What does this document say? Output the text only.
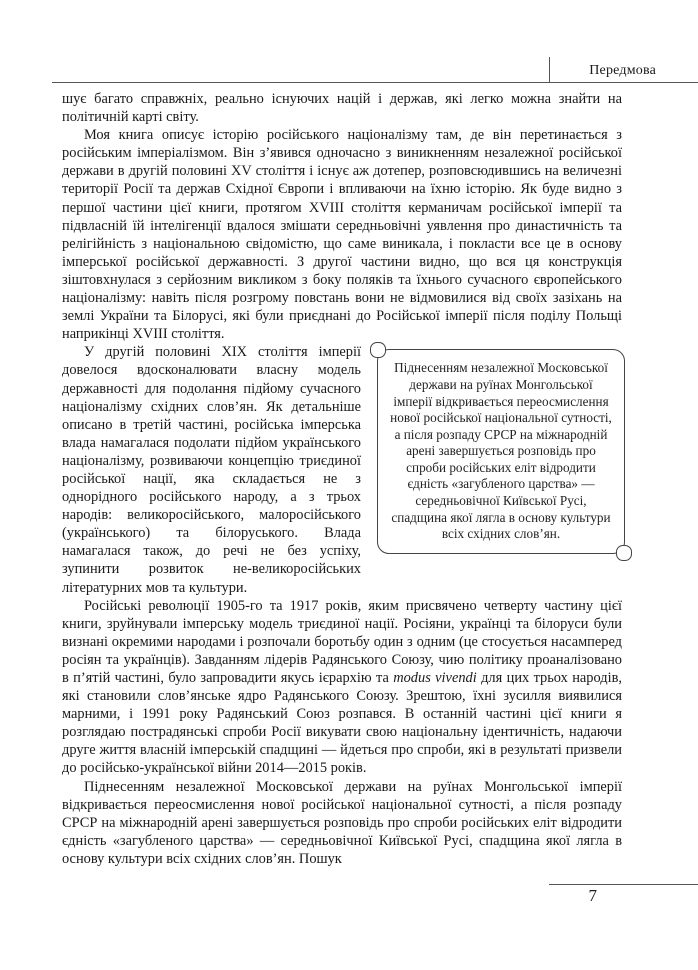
Передмова

шує багато справжніх, реально існуючих націй і держав, які легко можна знайти на політичній карті світу.

Моя книга описує історію російського націоналізму там, де він перетинається з російським імперіалізмом. Він з’явився одночасно з виникненням незалежної російської держави в другій половині XV століття і існує аж дотепер, розповсюдившись на величезні території Росії та держав Східної Європи і впливаючи на їхню історію. Як буде видно з першої частини цієї книги, протягом XVIII століття керманичам російської імперії та підвласній їй інтелігенції вдалося змішати середньовічні уявлення про династичність та релігійність з національною свідомістю, що саме виникала, і покласти все це в основу імперської російської державності. З другої частини видно, що вся ця конструкція зіштовхнулася з серйозним викликом з боку поляків та їхнього сучасного європейського націоналізму: навіть після розгрому повстань вони не відмовилися від своїх зазіхань на землі України та Білорусі, які були приєднані до Російської імперії після поділу Польщі наприкінці XVIII століття.

Піднесенням незалежної Московської держави на руїнах Монгольської імперії відкривається переосмислення нової російської національної сутності, а після розпаду СРСР на міжнародній арені завершується розповідь про спроби російських еліт відродити єдність «загубленого царства» — середньовічної Київської Русі, спадщина якої лягла в основу культури всіх східних слов’ян.

У другій половині XIX століття імперії довелося вдосконалювати власну модель державності для подолання підйому сучасного націоналізму східних слов’ян. Як детальніше описано в третій частині, російська імперська влада намагалася подолати підйом українського націоналізму, розвиваючи концепцію триєдиної російської нації, яка складається не з однорідного російського народу, а з трьох народів: великоросійського, малоросійського (українського) та білоруського. Влада намагалася також, до речі не без успіху, зупинити розвиток не-великоросійських літературних мов та культури.

Російські революції 1905-го та 1917 років, яким присвячено четверту частину цієї книги, зруйнували імперську модель триєдиної нації. Росіяни, українці та білоруси були визнані окремими народами і розпочали боротьбу один з одним (це стосується насамперед росіян та українців). Завданням лідерів Радянського Союзу, чию політику проаналізовано в п’ятій частині, було запровадити якусь ієрархію та modus vivendi для цих трьох народів, які становили слов’янське ядро Радянського Союзу. Зрештою, їхні зусилля виявилися марними, і 1991 року Радянський Союз розпався. В останній частині цієї книги я розглядаю пострадянські спроби Росії викувати свою національну ідентичність, надаючи друге життя власній імперській спадщині — йдеться про спроби, які в результаті призвели до російсько-української війни 2014—2015 років.

Піднесенням незалежної Московської держави на руїнах Монгольської імперії відкривається переосмислення нової російської національної сутності, а після розпаду СРСР на міжнародній арені завершується розповідь про спроби російських еліт відродити єдність «загубленого царства» — середньовічної Київської Русі, спадщина якої лягла в основу культури всіх східних слов’ян. Пошук

7
